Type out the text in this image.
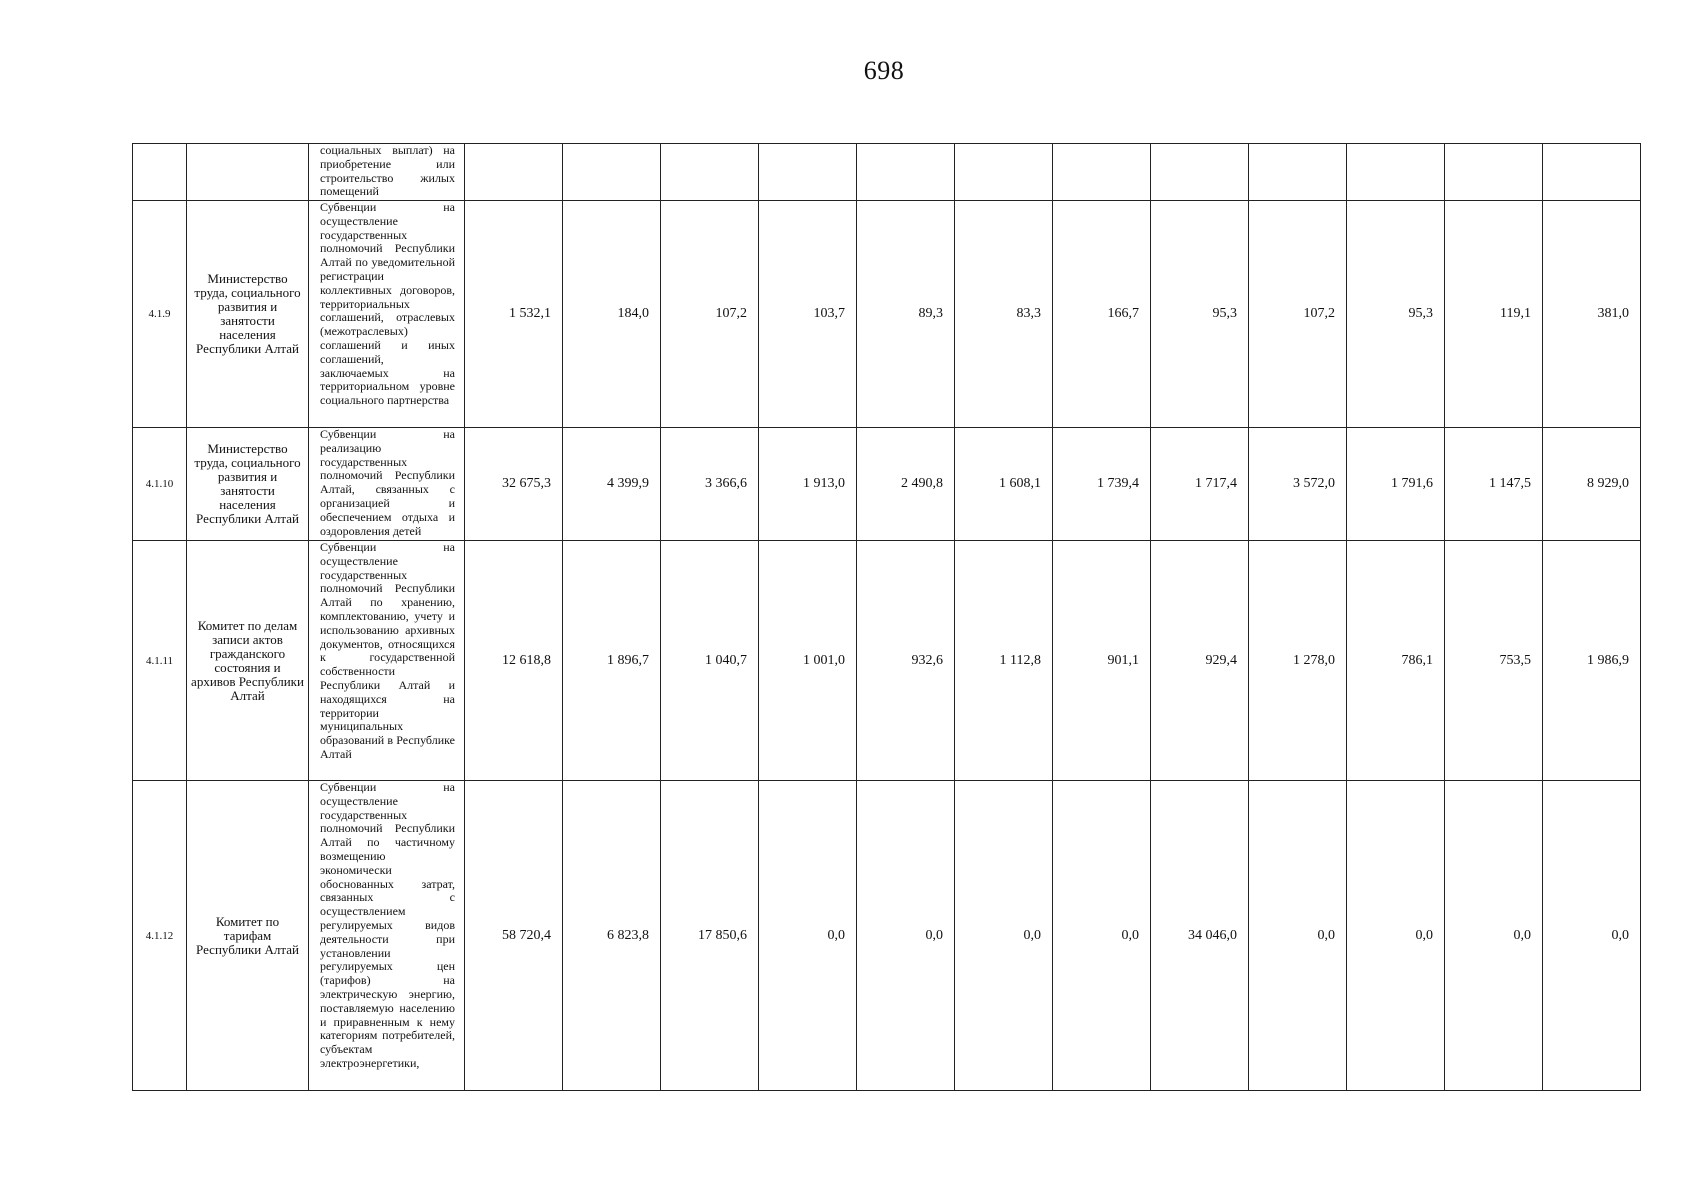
698
		социальных выплат) на приобретение или строительство жилых помещений												
4.1.9	Министерство труда, социального развития и занятости населения Республики Алтай	Субвенции на осуществление государственных полномочий Республики Алтай по уведомительной регистрации коллективных договоров, территориальных соглашений, отраслевых (межотраслевых) соглашений и иных соглашений, заключаемых на территориальном уровне социального партнерства	1 532,1	184,0	107,2	103,7	89,3	83,3	166,7	95,3	107,2	95,3	119,1	381,0
4.1.10	Министерство труда, социального развития и занятости населения Республики Алтай	Субвенции на реализацию государственных полномочий Республики Алтай, связанных с организацией и обеспечением отдыха и оздоровления детей	32 675,3	4 399,9	3 366,6	1 913,0	2 490,8	1 608,1	1 739,4	1 717,4	3 572,0	1 791,6	1 147,5	8 929,0
4.1.11	Комитет по делам записи актов гражданского состояния и архивов Республики Алтай	Субвенции на осуществление государственных полномочий Республики Алтай по хранению, комплектованию, учету и использованию архивных документов, относящихся к государственной собственности Республики Алтай и находящихся на территории муниципальных образований в Республике Алтай	12 618,8	1 896,7	1 040,7	1 001,0	932,6	1 112,8	901,1	929,4	1 278,0	786,1	753,5	1 986,9
4.1.12	Комитет по тарифам Республики Алтай	Субвенции на осуществление государственных полномочий Республики Алтай по частичному возмещению экономически обоснованных затрат, связанных с осуществлением регулируемых видов деятельности при установлении регулируемых цен (тарифов) на электрическую энергию, поставляемую населению и приравненным к нему категориям потребителей, субъектам электроэнергетики,	58 720,4	6 823,8	17 850,6	0,0	0,0	0,0	0,0	34 046,0	0,0	0,0	0,0	0,0
